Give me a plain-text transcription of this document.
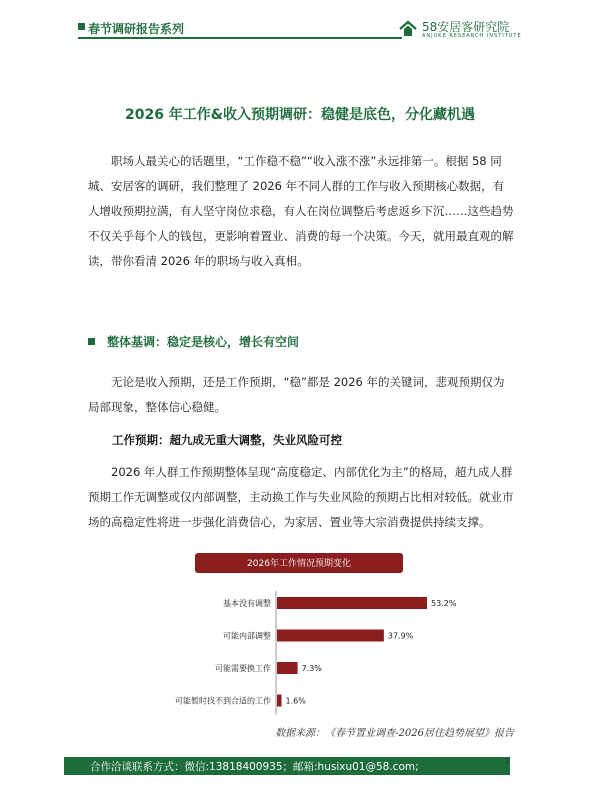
春节调研报告系列	58安居客研究院
ANJUKE RESEARCH INSTITUTE
2026 年工作&收入预期调研：稳健是底色，分化藏机遇

职场人最关心的话题里，“工作稳不稳”“收入涨不涨”永远排第一。根据 58 同城、安居客的调研，我们整理了 2026 年不同人群的工作与收入预期核心数据，有人增收预期拉满，有人坚守岗位求稳，有人在岗位调整后考虑返乡下沉……这些趋势不仅关乎每个人的钱包，更影响着置业、消费的每一个决策。今天，就用最直观的解读，带你看清 2026 年的职场与收入真相。

整体基调：稳定是核心，增长有空间

无论是收入预期，还是工作预期，“稳”都是 2026 年的关键词，悲观预期仅为局部现象，整体信心稳健。

工作预期：超九成无重大调整，失业风险可控

2026 年人群工作预期整体呈现“高度稳定、内部优化为主”的格局，超九成人群预期工作无调整或仅内部调整，主动换工作与失业风险的预期占比相对较低。就业市场的高稳定性将进一步强化消费信心，为家居、置业等大宗消费提供持续支撑。

2026年工作情况预期变化
基本没有调整	53.2%
可能内部调整	37.9%
可能需要换工作	7.3%
可能暂时找不到合适的工作 1.6%
数据来源：《春节置业调查-2026居住趋势展望》报告
合作洽谈联系方式：微信:13818400935；邮箱:husixu01@58.com;	1
